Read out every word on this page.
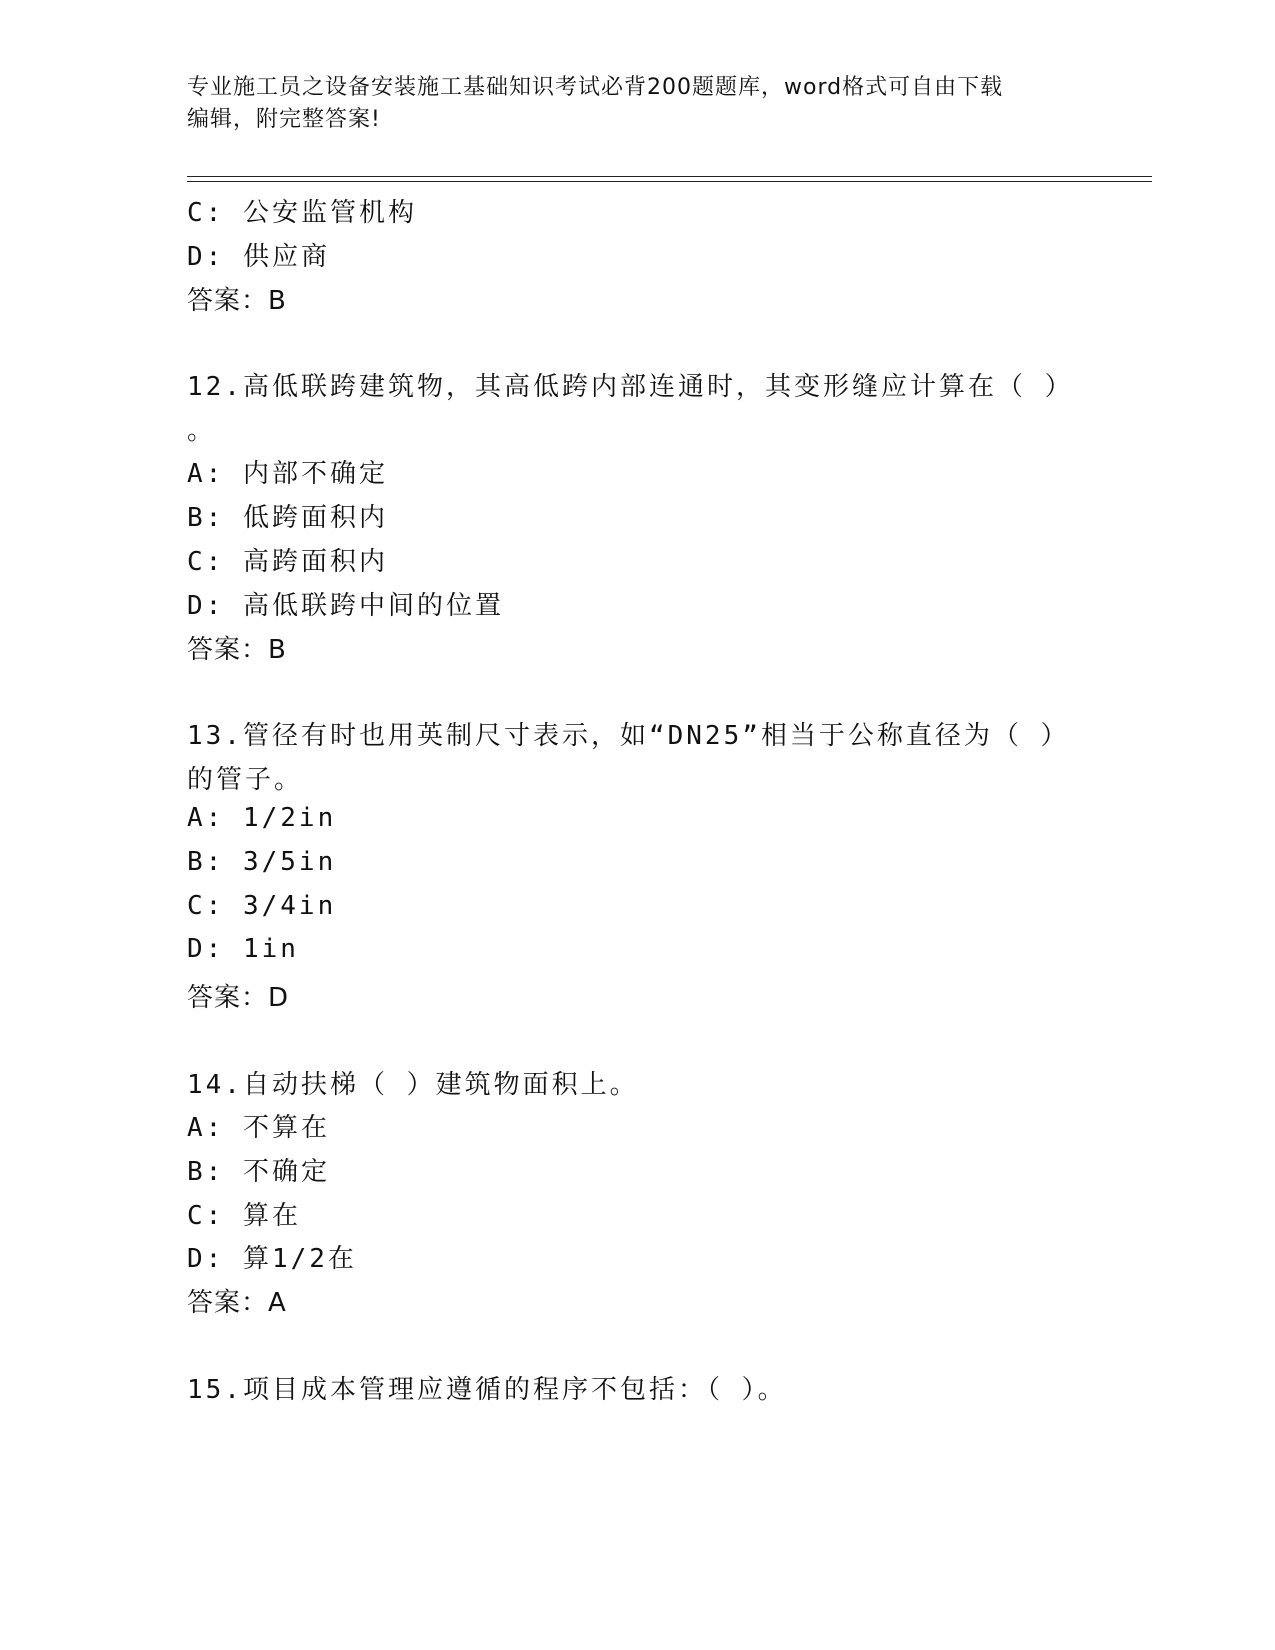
专业施工员之设备安装施工基础知识考试必背200题题库，word格式可自由下载
编辑，附完整答案!
C: 公安监管机构
D: 供应商
答案：B
12.高低联跨建筑物，其高低跨内部连通时，其变形缝应计算在（ ）
。
A: 内部不确定
B: 低跨面积内
C: 高跨面积内
D: 高低联跨中间的位置
答案：B
13.管径有时也用英制尺寸表示，如“DN25”相当于公称直径为（ ）
的管子。
A: 1/2in
B: 3/5in
C: 3/4in
D: 1in
答案：D
14.自动扶梯（ ）建筑物面积上。
A: 不算在
B: 不确定
C: 算在
D: 算1/2在
答案：A
15.项目成本管理应遵循的程序不包括：（ ）。
